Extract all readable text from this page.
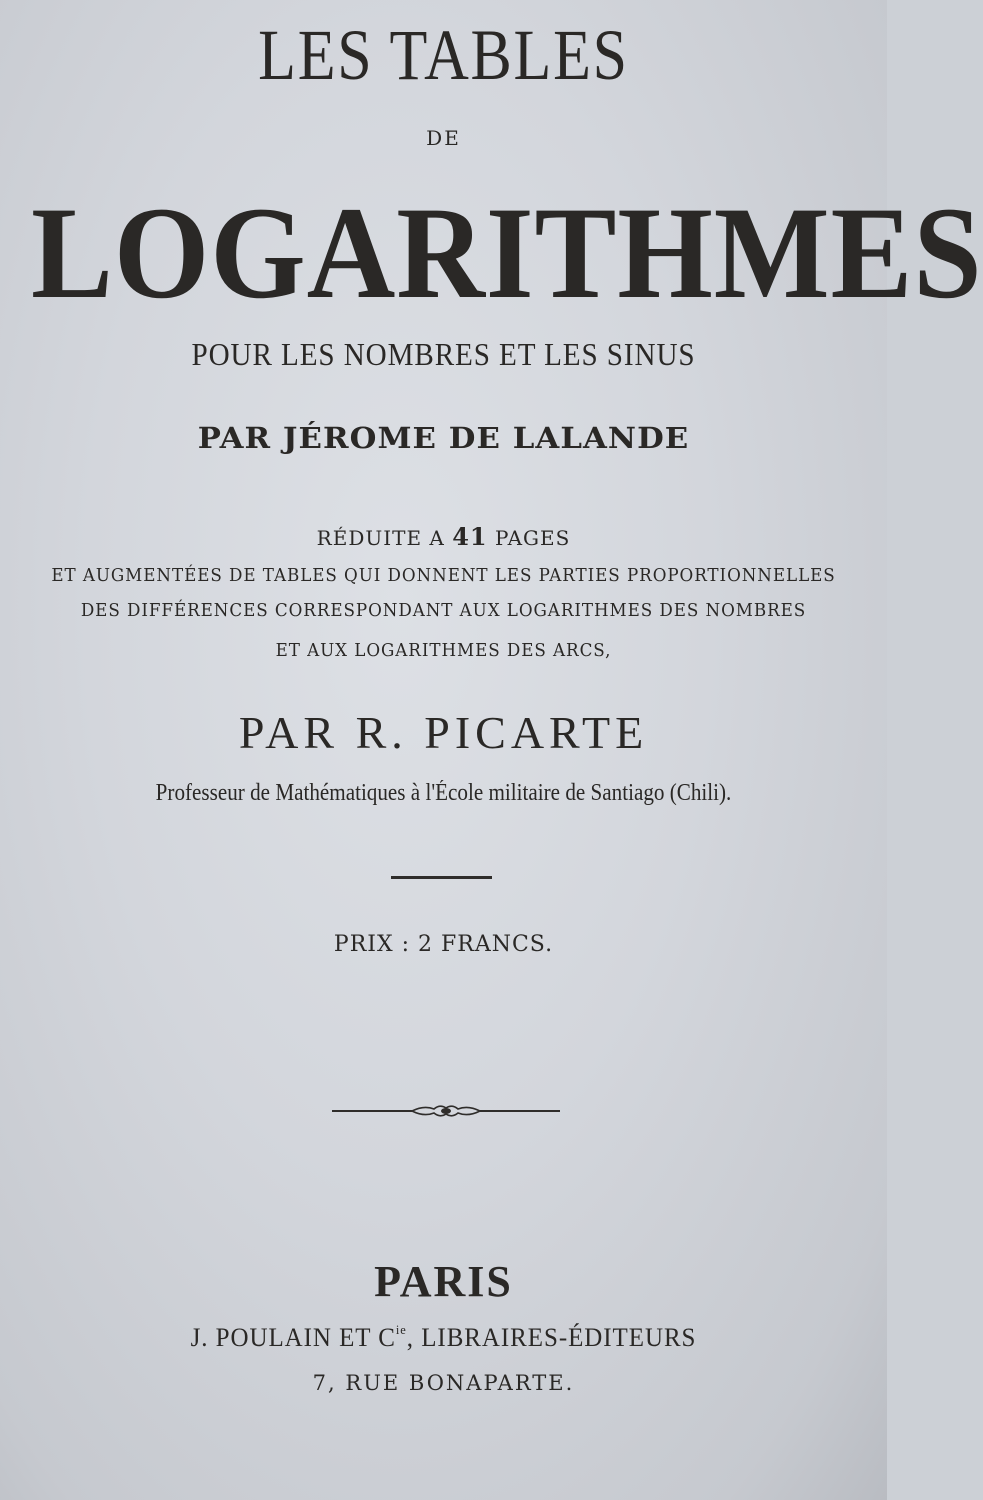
LES TABLES
DE
LOGARITHMES
POUR LES NOMBRES ET LES SINUS
PAR JÉROME DE LALANDE
RÉDUITE A 41 PAGES
ET AUGMENTÉES DE TABLES QUI DONNENT LES PARTIES PROPORTIONNELLES
DES DIFFÉRENCES CORRESPONDANT AUX LOGARITHMES DES NOMBRES
ET AUX LOGARITHMES DES ARCS,
PAR R. PICARTE
Professeur de Mathématiques à l'École militaire de Santiago (Chili).
PRIX : 2 FRANCS.
PARIS
J. POULAIN ET $C^{ie}$, LIBRAIRES-ÉDITEURS
7, RUE BONAPARTE.
